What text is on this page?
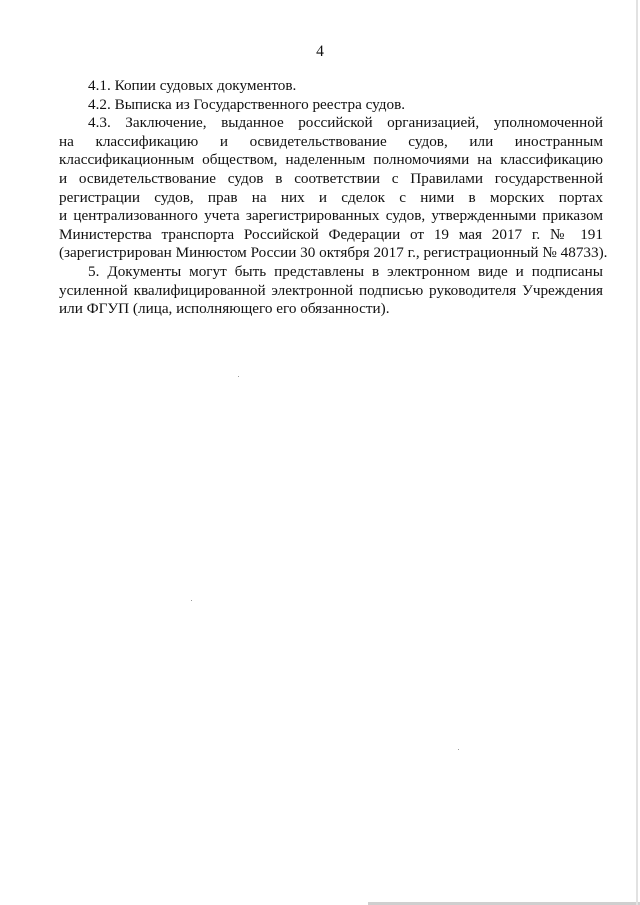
4

4.1. Копии судовых документов.

4.2. Выписка из Государственного реестра судов.

4.3. Заключение, выданное российской организацией, уполномоченной
на классификацию и освидетельствование судов, или иностранным
классификационным обществом, наделенным полномочиями на классификацию
и освидетельствование судов в соответствии с Правилами государственной
регистрации судов, прав на них и сделок с ними в морских портах
и централизованного учета зарегистрированных судов, утвержденными приказом
Министерства транспорта Российской Федерации от 19 мая 2017 г. № 191
(зарегистрирован Минюстом России 30 октября 2017 г., регистрационный № 48733).
5. Документы могут быть представлены в электронном виде и подписаны
усиленной квалифицированной электронной подписью руководителя Учреждения
или ФГУП (лица, исполняющего его обязанности).
